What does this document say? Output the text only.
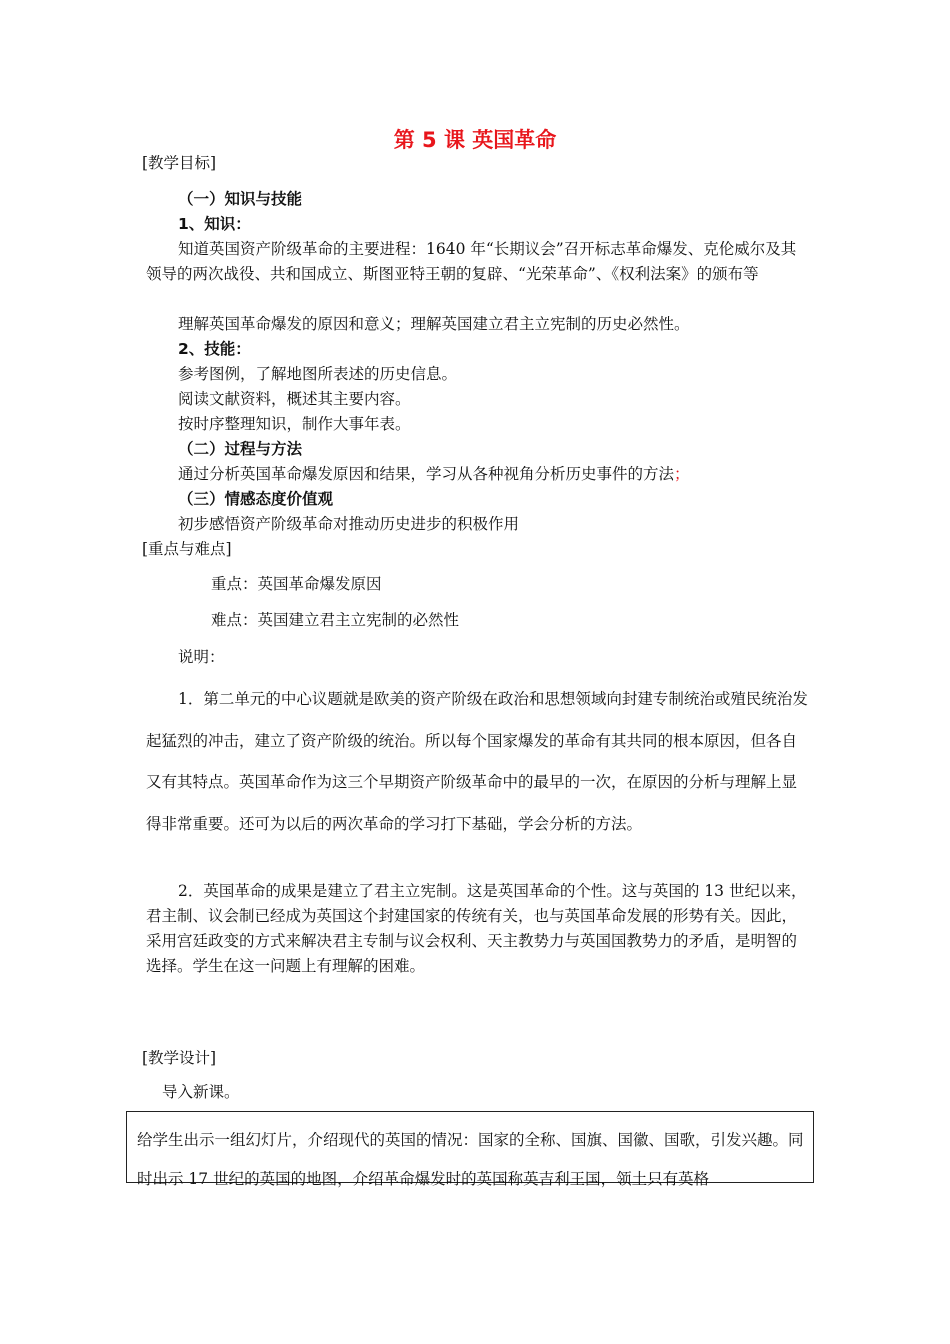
第 5 课 英国革命
[教学目标]
（一）知识与技能
1、知识：
知道英国资产阶级革命的主要进程：1640 年“长期议会”召开标志革命爆发、克伦威尔及其领导的两次战役、共和国成立、斯图亚特王朝的复辟、“光荣革命”、《权利法案》的颁布等
理解英国革命爆发的原因和意义；理解英国建立君主立宪制的历史必然性。
2、技能：
参考图例，了解地图所表述的历史信息。
阅读文献资料，概述其主要内容。
按时序整理知识，制作大事年表。
（二）过程与方法
通过分析英国革命爆发原因和结果，学习从各种视角分析历史事件的方法；
（三）情感态度价值观
初步感悟资产阶级革命对推动历史进步的积极作用
[重点与难点]
重点：英国革命爆发原因
难点：英国建立君主立宪制的必然性
说明：
1．第二单元的中心议题就是欧美的资产阶级在政治和思想领域向封建专制统治或殖民统治发起猛烈的冲击，建立了资产阶级的统治。所以每个国家爆发的革命有其共同的根本原因，但各自又有其特点。英国革命作为这三个早期资产阶级革命中的最早的一次，在原因的分析与理解上显得非常重要。还可为以后的两次革命的学习打下基础，学会分析的方法。
2．英国革命的成果是建立了君主立宪制。这是英国革命的个性。这与英国的 13 世纪以来，君主制、议会制已经成为英国这个封建国家的传统有关，也与英国革命发展的形势有关。因此，采用宫廷政变的方式来解决君主专制与议会权利、天主教势力与英国国教势力的矛盾，是明智的选择。学生在这一问题上有理解的困难。
[教学设计]
导入新课。
给学生出示一组幻灯片，介绍现代的英国的情况：国家的全称、国旗、国徽、国歌，引发兴趣。同时出示 17 世纪的英国的地图，介绍革命爆发时的英国称英吉利王国，领土只有英格
